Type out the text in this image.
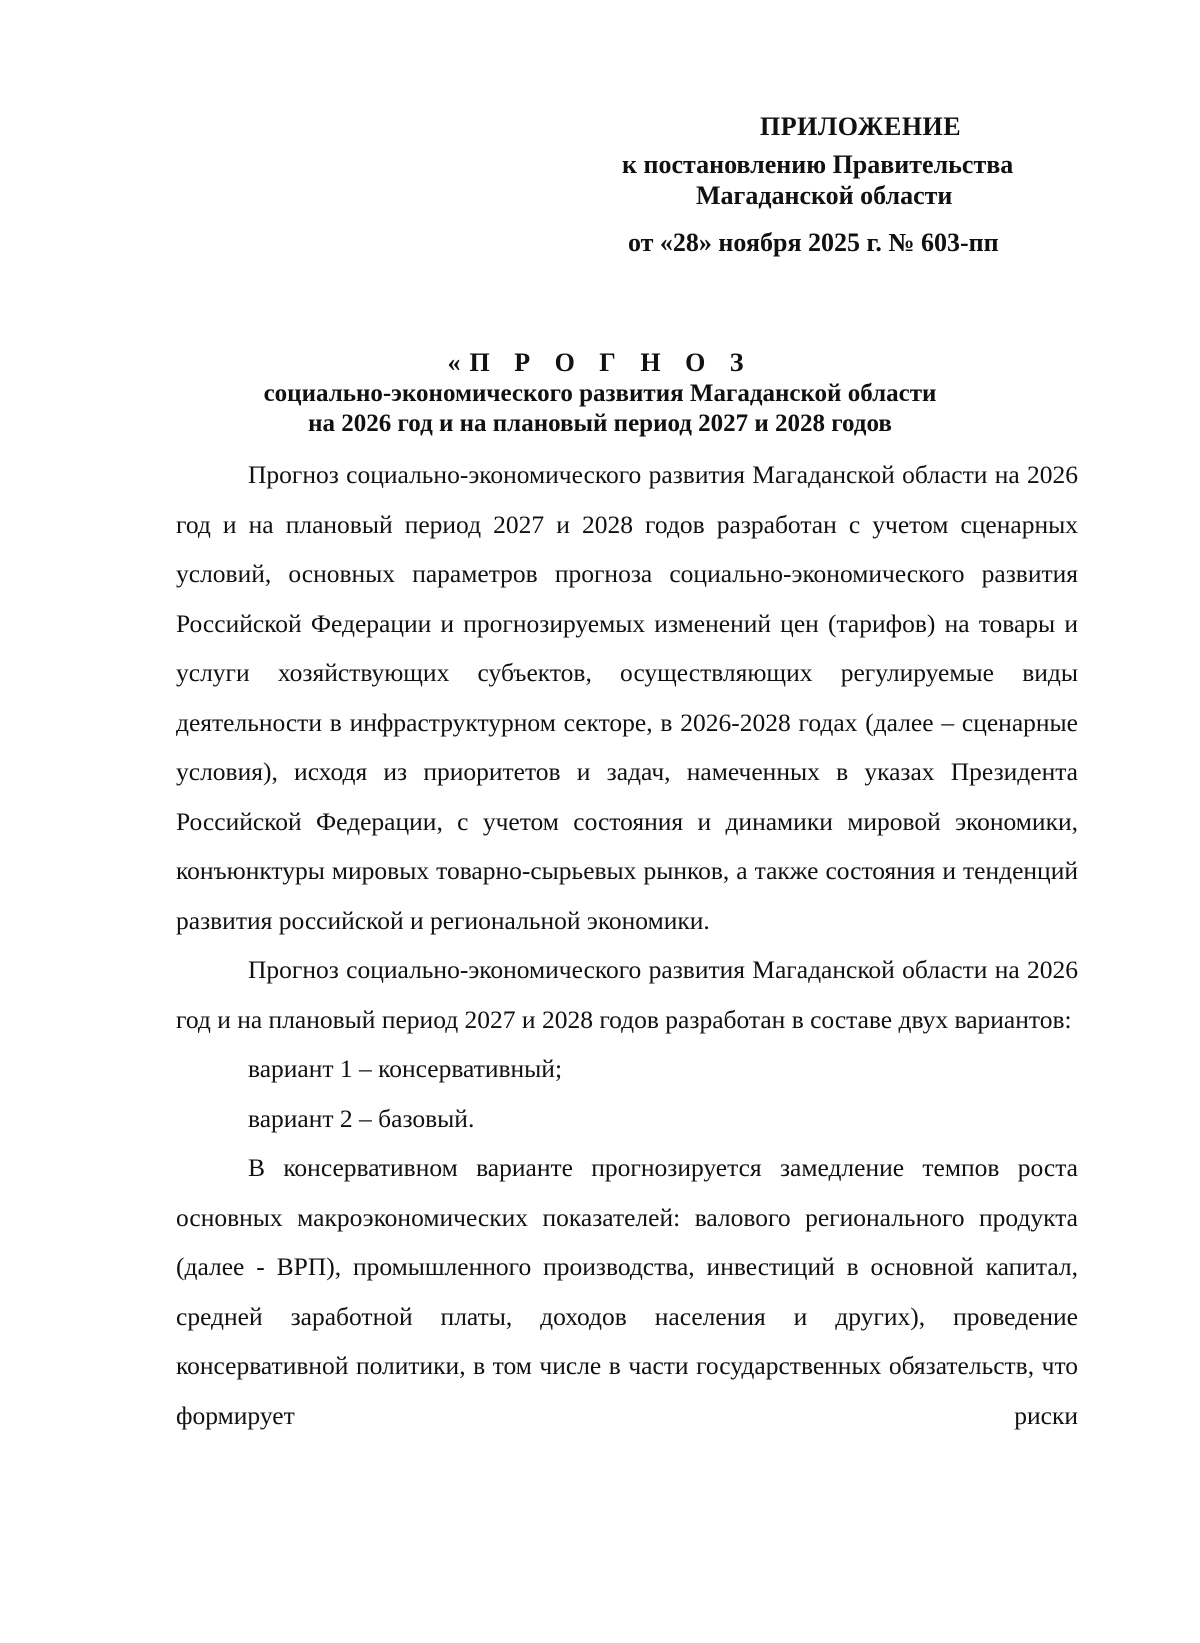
ПРИЛОЖЕНИЕ
к постановлению Правительства
Магаданской области
от «28» ноября 2025 г. № 603-пп
«П Р О Г Н О З
социально-экономического развития Магаданской области
на 2026 год и на плановый период 2027 и 2028 годов

Прогноз социально-экономического развития Магаданской области на 2026 год и на плановый период 2027 и 2028 годов разработан с учетом сценарных условий, основных параметров прогноза социально-экономического развития Российской Федерации и прогнозируемых изменений цен (тарифов) на товары и услуги хозяйствующих субъектов, осуществляющих регулируемые виды деятельности в инфраструктурном секторе, в 2026-2028 годах (далее – сценарные условия), исходя из приоритетов и задач, намеченных в указах Президента Российской Федерации, с учетом состояния и динамики мировой экономики, конъюнктуры мировых товарно-сырьевых рынков, а также состояния и тенденций развития российской и региональной экономики.

Прогноз социально-экономического развития Магаданской области на 2026 год и на плановый период 2027 и 2028 годов разработан в составе двух вариантов:

вариант 1 – консервативный;

вариант 2 – базовый.

В консервативном варианте прогнозируется замедление темпов роста основных макроэкономических показателей: валового регионального продукта (далее - ВРП), промышленного производства, инвестиций в основной капитал, средней заработной платы, доходов населения и других), проведение консервативной политики, в том числе в части государственных обязательств, что формирует риски
